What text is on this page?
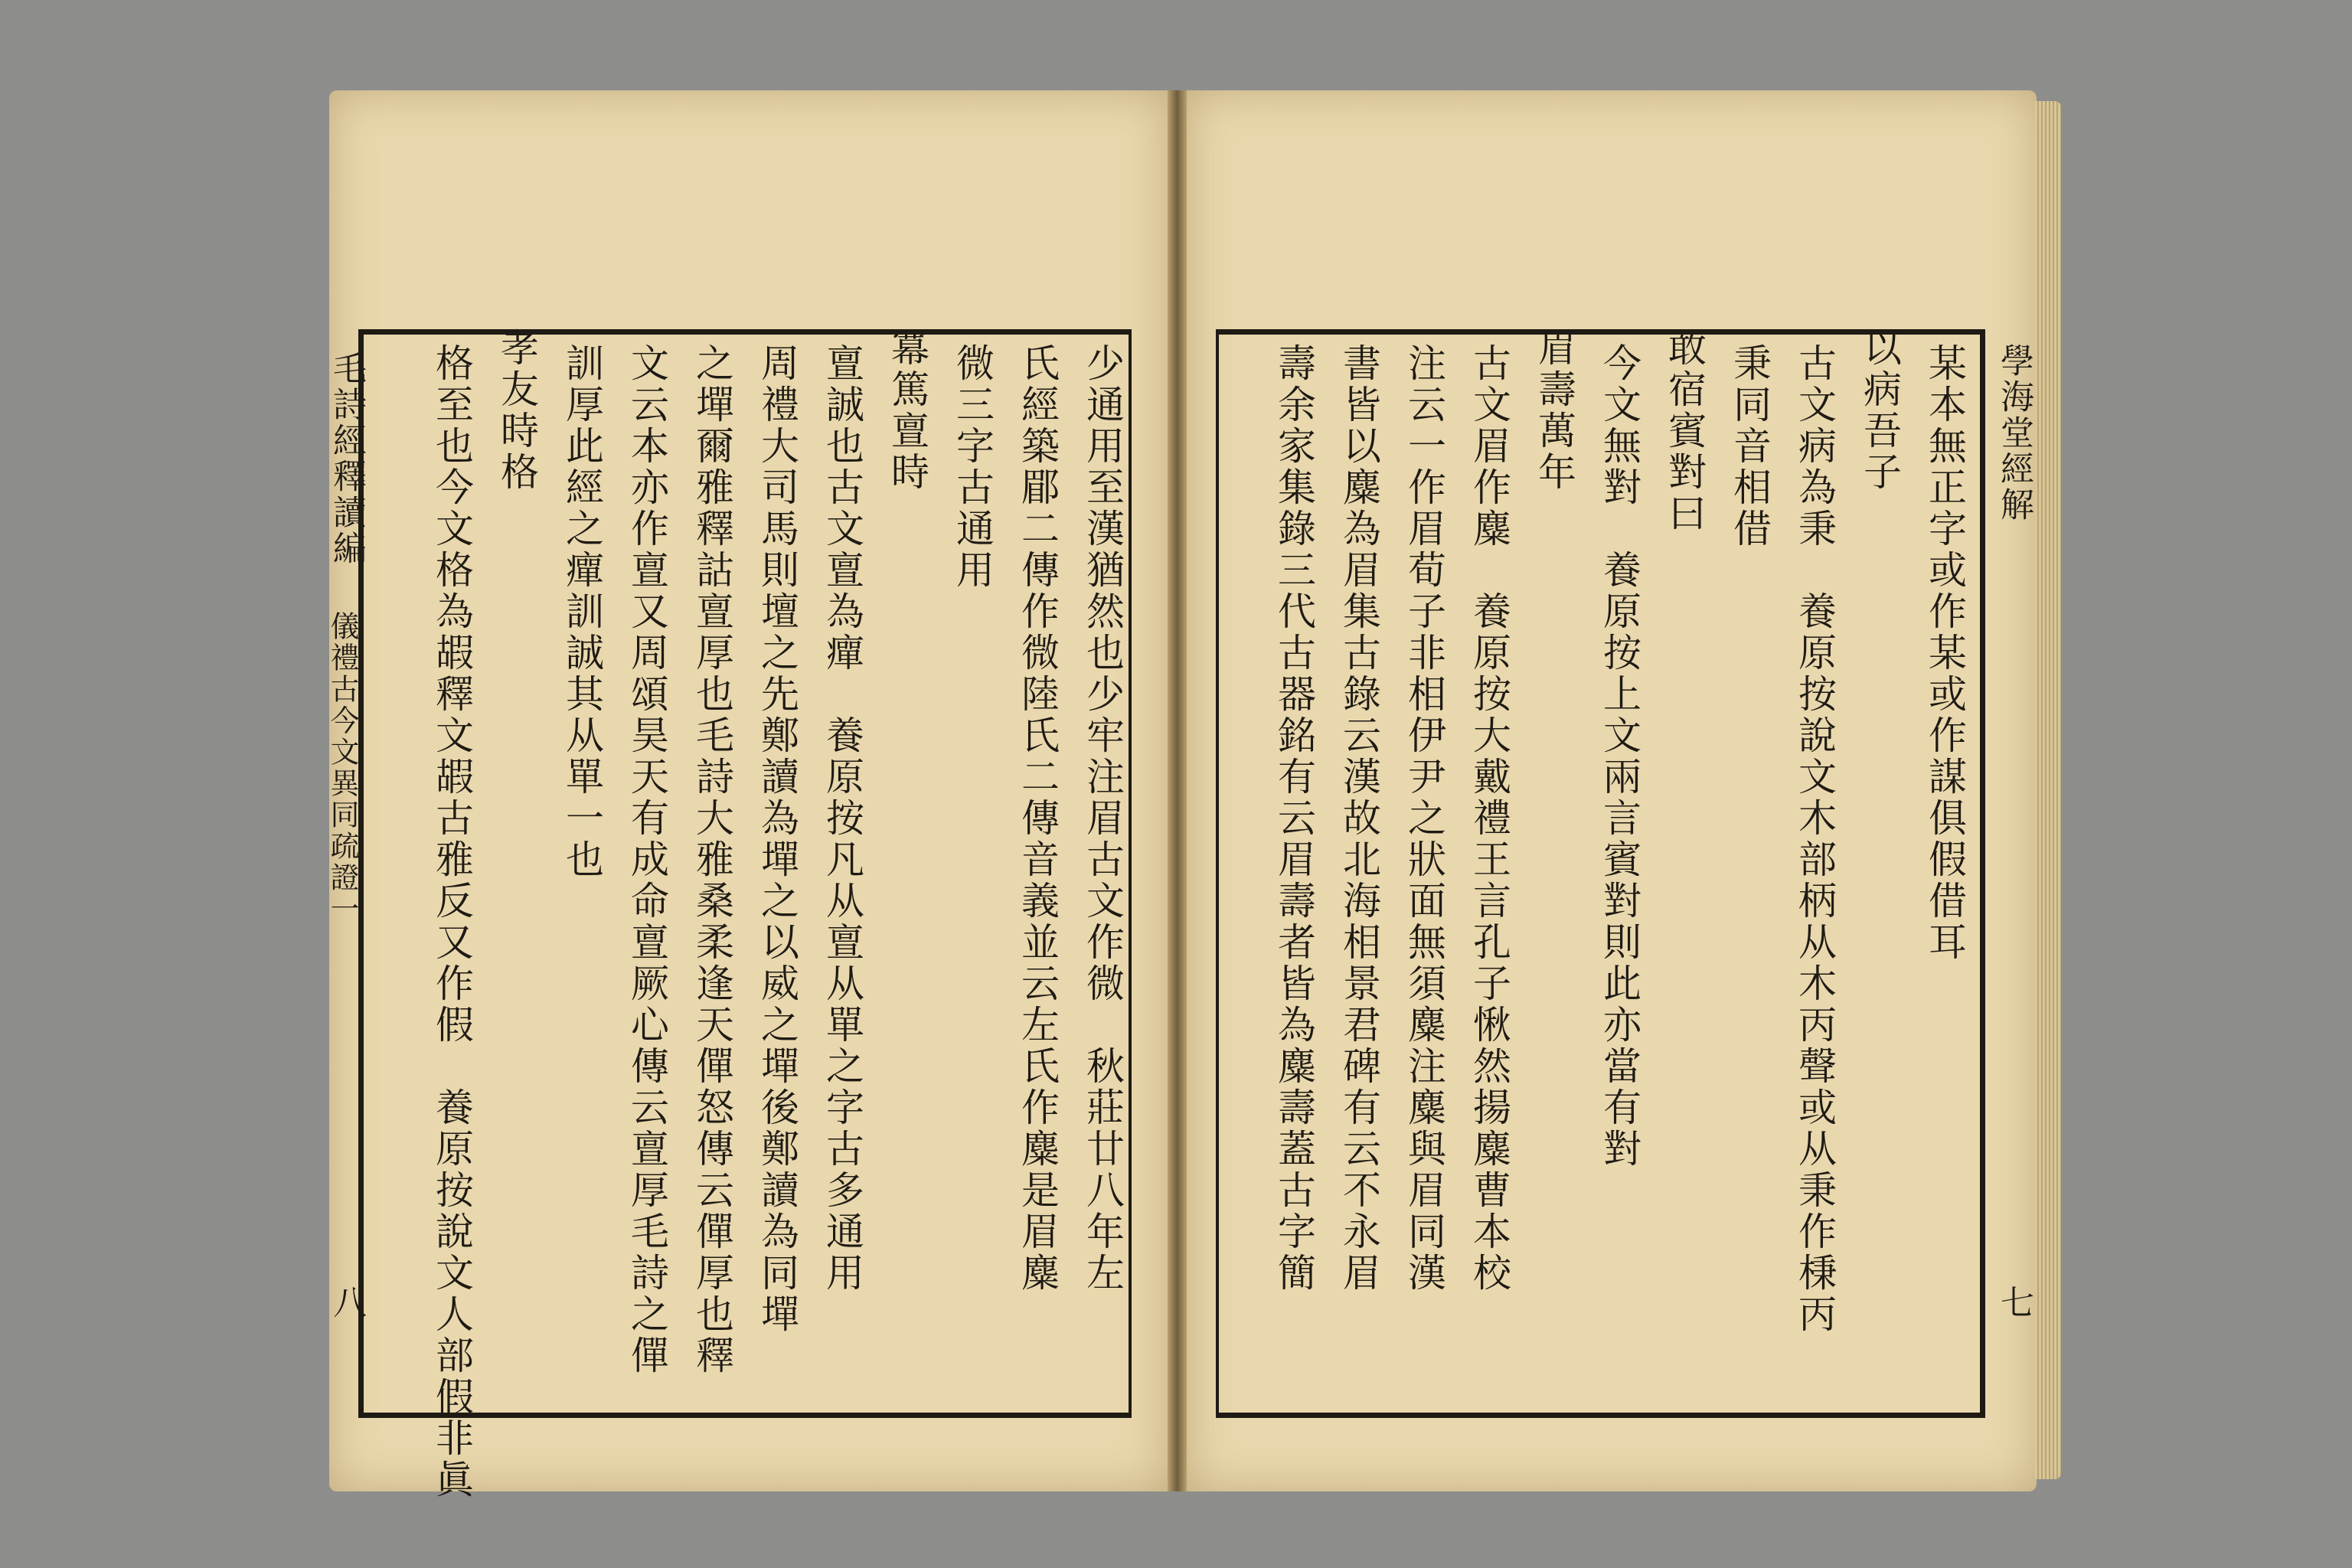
毛詩經釋讀編
儀禮古今文異同疏證一
八
學海堂經解
七
少通用至漢猶然也少牢注眉古文作微　秋莊廿八年左
氏經築郿二傳作微陸氏二傳音義並云左氏作麋是眉麋
微三字古通用
冪篤亶時
亶誠也古文亶為癉　養原按凡从亶从單之字古多通用
周禮大司馬則壇之先鄭讀為墠之以威之墠後鄭讀為同墠
之墠爾雅釋詁亶厚也毛詩大雅桑柔逢天僤怒傳云僤厚也釋
文云本亦作亶又周頌昊天有成命亶厥心傳云亶厚毛詩之僤
訓厚此經之癉訓誠其从單一也
孝友時格
格至也今文格為嘏釋文嘏古雅反又作假　養原按說文人部假非眞	某本無正字或作某或作謀俱假借耳
以病吾子
古文病為秉　養原按說文木部柄从木丙聲或从秉作棅丙
秉同音相借
敢宿賓對曰
今文無對　養原按上文兩言賓對則此亦當有對
眉壽萬年
古文眉作麋　養原按大戴禮王言孔子愀然揚麋曹本校
注云一作眉荀子非相伊尹之狀面無須麋注麋與眉同漢
書皆以麋為眉集古錄云漢故北海相景君碑有云不永眉
壽余家集錄三代古器銘有云眉壽者皆為麋壽蓋古字簡
